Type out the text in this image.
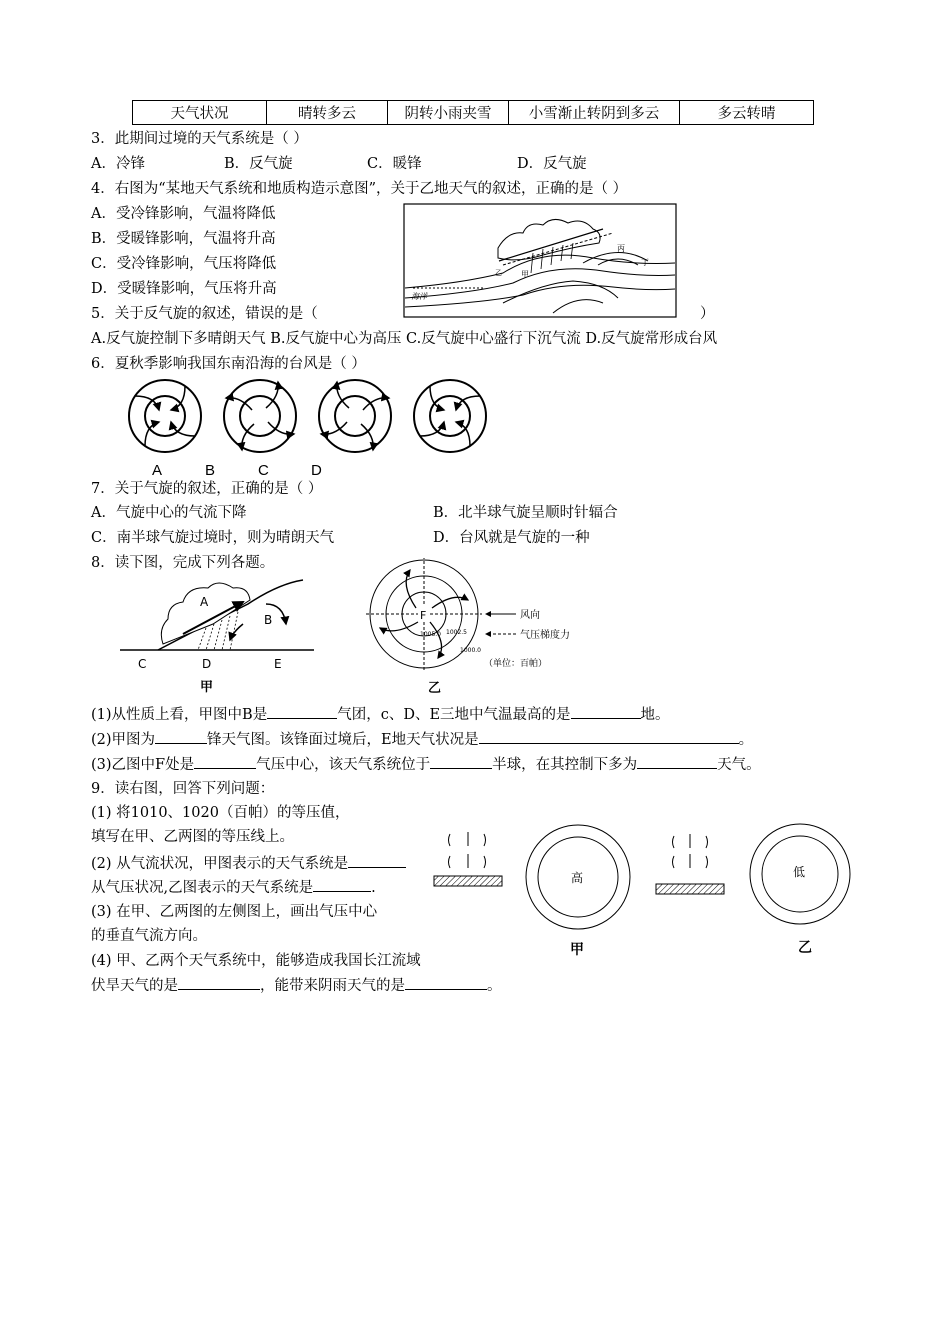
天气状况	晴转多云	阴转小雨夹雪	小雪渐止转阴到多云	多云转晴
3．此期间过境的天气系统是（ ）
A．冷锋	B．反气旋	C．暖锋	D．反气旋
4．右图为“某地天气系统和地质构造示意图”，关于乙地天气的叙述，正确的是（ ）
A．受冷锋影响，气温将降低
B．受暖锋影响，气温将升高
C．受冷锋影响，气压将降低
D．受暖锋影响，气压将升高
丙
甲
乙
丁
海洋
5．关于反气旋的叙述，错误的是（	）
A.反气旋控制下多晴朗天气 B.反气旋中心为高压 C.反气旋中心盛行下沉气流 D.反气旋常形成台风
6．夏秋季影响我国东南沿海的台风是（ ）
A	B	C	D
7．关于气旋的叙述，正确的是（ ）
A．气旋中心的气流下降	B．北半球气旋呈顺时针辐合
C．南半球气旋过境时，则为晴朗天气	D．台风就是气旋的一种
8．读下图，完成下列各题。
A
B
C	D	E
甲
F
1005.0 1002.5
1000.0
风向
气压梯度力
（单位：百帕）
乙
(1)从性质上看，甲图中B是	气团，c、D、E三地中气温最高的是	地。
(2)甲图为	锋天气图。该锋面过境后，E地天气状况是	。
(3)乙图中F处是	气压中心，该天气系统位于	半球，在其控制下多为	天气。
9．读右图，回答下列问题：
(1) 将1010、1020（百帕）的等压值，
填写在甲、乙两图的等压线上。
(2) 从气流状况，甲图表示的天气系统是
从气压状况,乙图表示的天气系统是	.
(3) 在甲、乙两图的左侧图上，画出气压中心
的垂直气流方向。
(4) 甲、乙两个天气系统中，能够造成我国长江流域
伏旱天气的是	，能带来阴雨天气的是	。
高
甲
低
乙
